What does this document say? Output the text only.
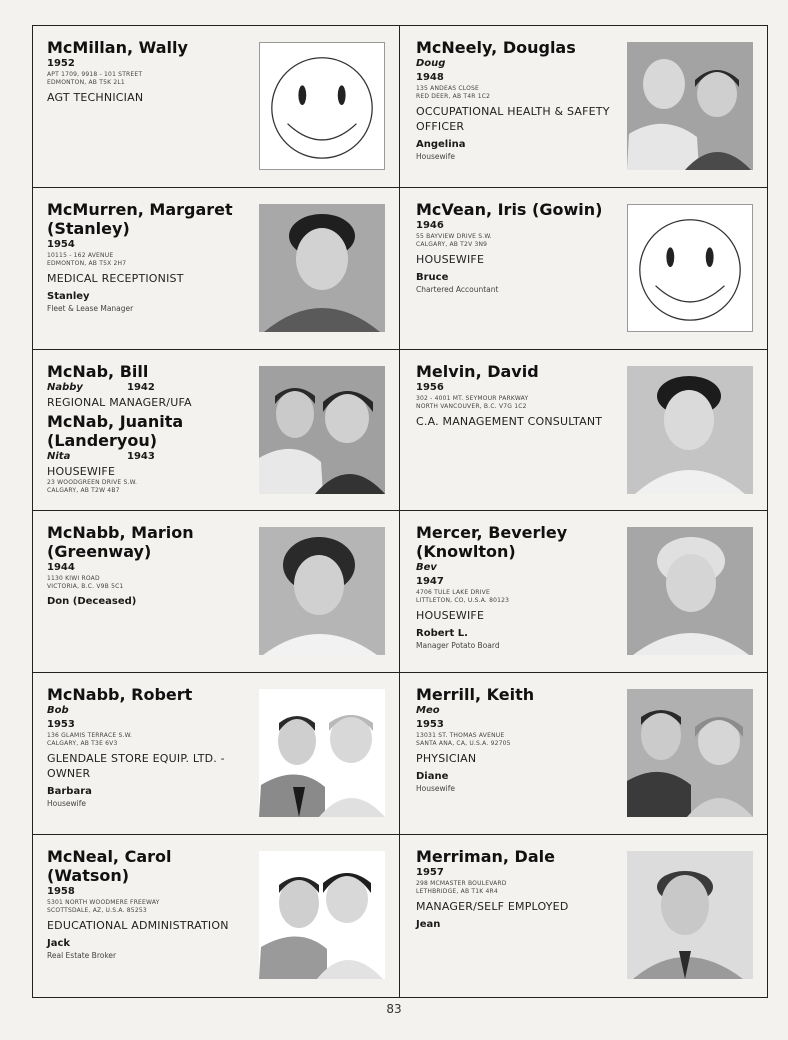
McMillan, Wally
1952
APT 1709, 9918 - 101 STREET
EDMONTON, AB T5K 2L1
AGT TECHNICIAN
McNeely, Douglas
Doug
1948
135 ANDEAS CLOSE
RED DEER, AB T4R 1C2
OCCUPATIONAL HEALTH & SAFETY OFFICER
Angelina
Housewife
McMurren, Margaret (Stanley)
1954
10115 - 162 AVENUE
EDMONTON, AB T5X 2H7
MEDICAL RECEPTIONIST
Stanley
Fleet & Lease Manager
McVean, Iris (Gowin)
1946
55 BAYVIEW DRIVE S.W.
CALGARY, AB T2V 3N9
HOUSEWIFE
Bruce
Chartered Accountant
McNab, Bill
Nabby	1942
REGIONAL MANAGER/UFA
McNab, Juanita (Landeryou)
Nita	1943
HOUSEWIFE
23 WOODGREEN DRIVE S.W.
CALGARY, AB T2W 4B7
Melvin, David
1956
302 - 4001 MT. SEYMOUR PARKWAY
NORTH VANCOUVER, B.C. V7G 1C2
C.A. MANAGEMENT CONSULTANT
McNabb, Marion (Greenway)
1944
1130 KIWI ROAD
VICTORIA, B.C. V9B 5C1
Don (Deceased)
Mercer, Beverley (Knowlton)
Bev
1947
4706 TULE LAKE DRIVE
LITTLETON, CO, U.S.A. 80123
HOUSEWIFE
Robert L.
Manager Potato Board
McNabb, Robert
Bob
1953
136 GLAMIS TERRACE S.W.
CALGARY, AB T3E 6V3
GLENDALE STORE EQUIP. LTD. - OWNER
Barbara
Housewife
Merrill, Keith
Meo
1953
13031 ST. THOMAS AVENUE
SANTA ANA, CA, U.S.A. 92705
PHYSICIAN
Diane
Housewife
McNeal, Carol (Watson)
1958
5301 NORTH WOODMERE FREEWAY
SCOTTSDALE, AZ, U.S.A. 85253
EDUCATIONAL ADMINISTRATION
Jack
Real Estate Broker
Merriman, Dale
1957
298 MCMASTER BOULEVARD
LETHBRIDGE, AB T1K 4R4
MANAGER/SELF EMPLOYED
Jean
83
